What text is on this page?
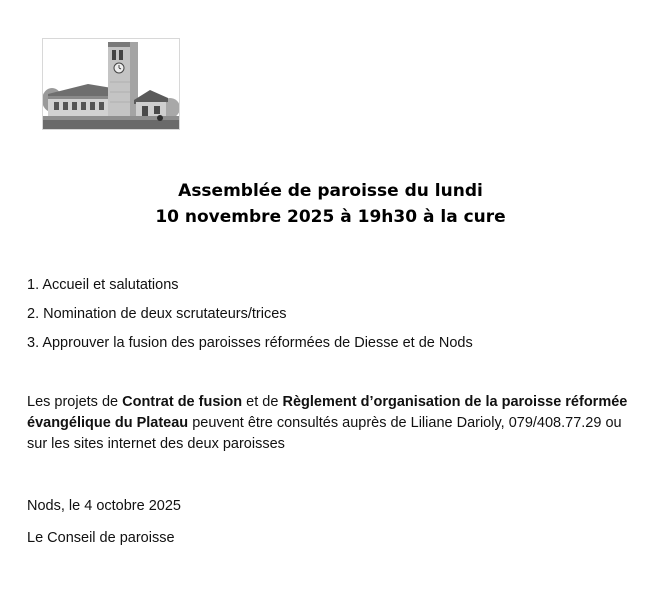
Assemblée de paroisse du lundi
10 novembre 2025 à 19h30 à la cure
1. Accueil et salutations
2. Nomination de deux scrutateurs/trices
3. Approuver la fusion des paroisses réformées de Diesse et de Nods
Les projets de Contrat de fusion et de Règlement d’organisation de la paroisse réformée évangélique du Plateau peuvent être consultés auprès de Liliane Darioly, 079/408.77.29 ou sur les sites internet des deux paroisses
Nods, le 4 octobre 2025
Le Conseil de paroisse
